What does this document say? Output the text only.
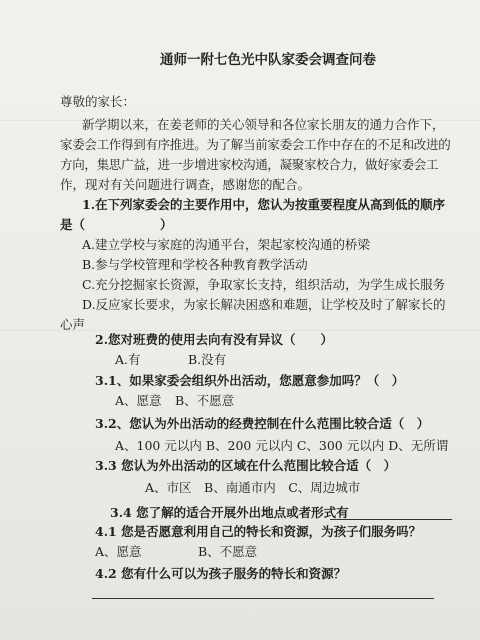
通师一附七色光中队家委会调查问卷
尊敬的家长：
新学期以来，在姜老师的关心领导和各位家长朋友的通力合作下，
家委会工作得到有序推进。为了解当前家委会工作中存在的不足和改进的
方向，集思广益，进一步增进家校沟通，凝聚家校合力，做好家委会工
作，现对有关问题进行调查，感谢您的配合。
1.在下列家委会的主要作用中，您认为按重要程度从高到低的顺序
是（　　　　　　）
A.建立学校与家庭的沟通平台，架起家校沟通的桥梁
B.参与学校管理和学校各种教育教学活动
C.充分挖掘家长资源，争取家长支持，组织活动，为学生成长服务
D.反应家长要求，为家长解决困惑和难题，让学校及时了解家长的
心声
2.您对班费的使用去向有没有异议（　　）
A.有	B.没有
3.1、如果家委会组织外出活动，您愿意参加吗？（　）
A、愿意 B、不愿意
3.2、您认为外出活动的经费控制在什么范围比较合适（　）
A、100 元以内 B、200 元以内 C、300 元以内 D、无所谓
3.3 您认为外出活动的区域在什么范围比较合适（　）
A、市区　B、南通市内　C、周边城市
3.4 您了解的适合开展外出地点或者形式有
4.1 您是否愿意利用自己的特长和资源，为孩子们服务吗？
A、愿意	B、不愿意
4.2 您有什么可以为孩子服务的特长和资源？
